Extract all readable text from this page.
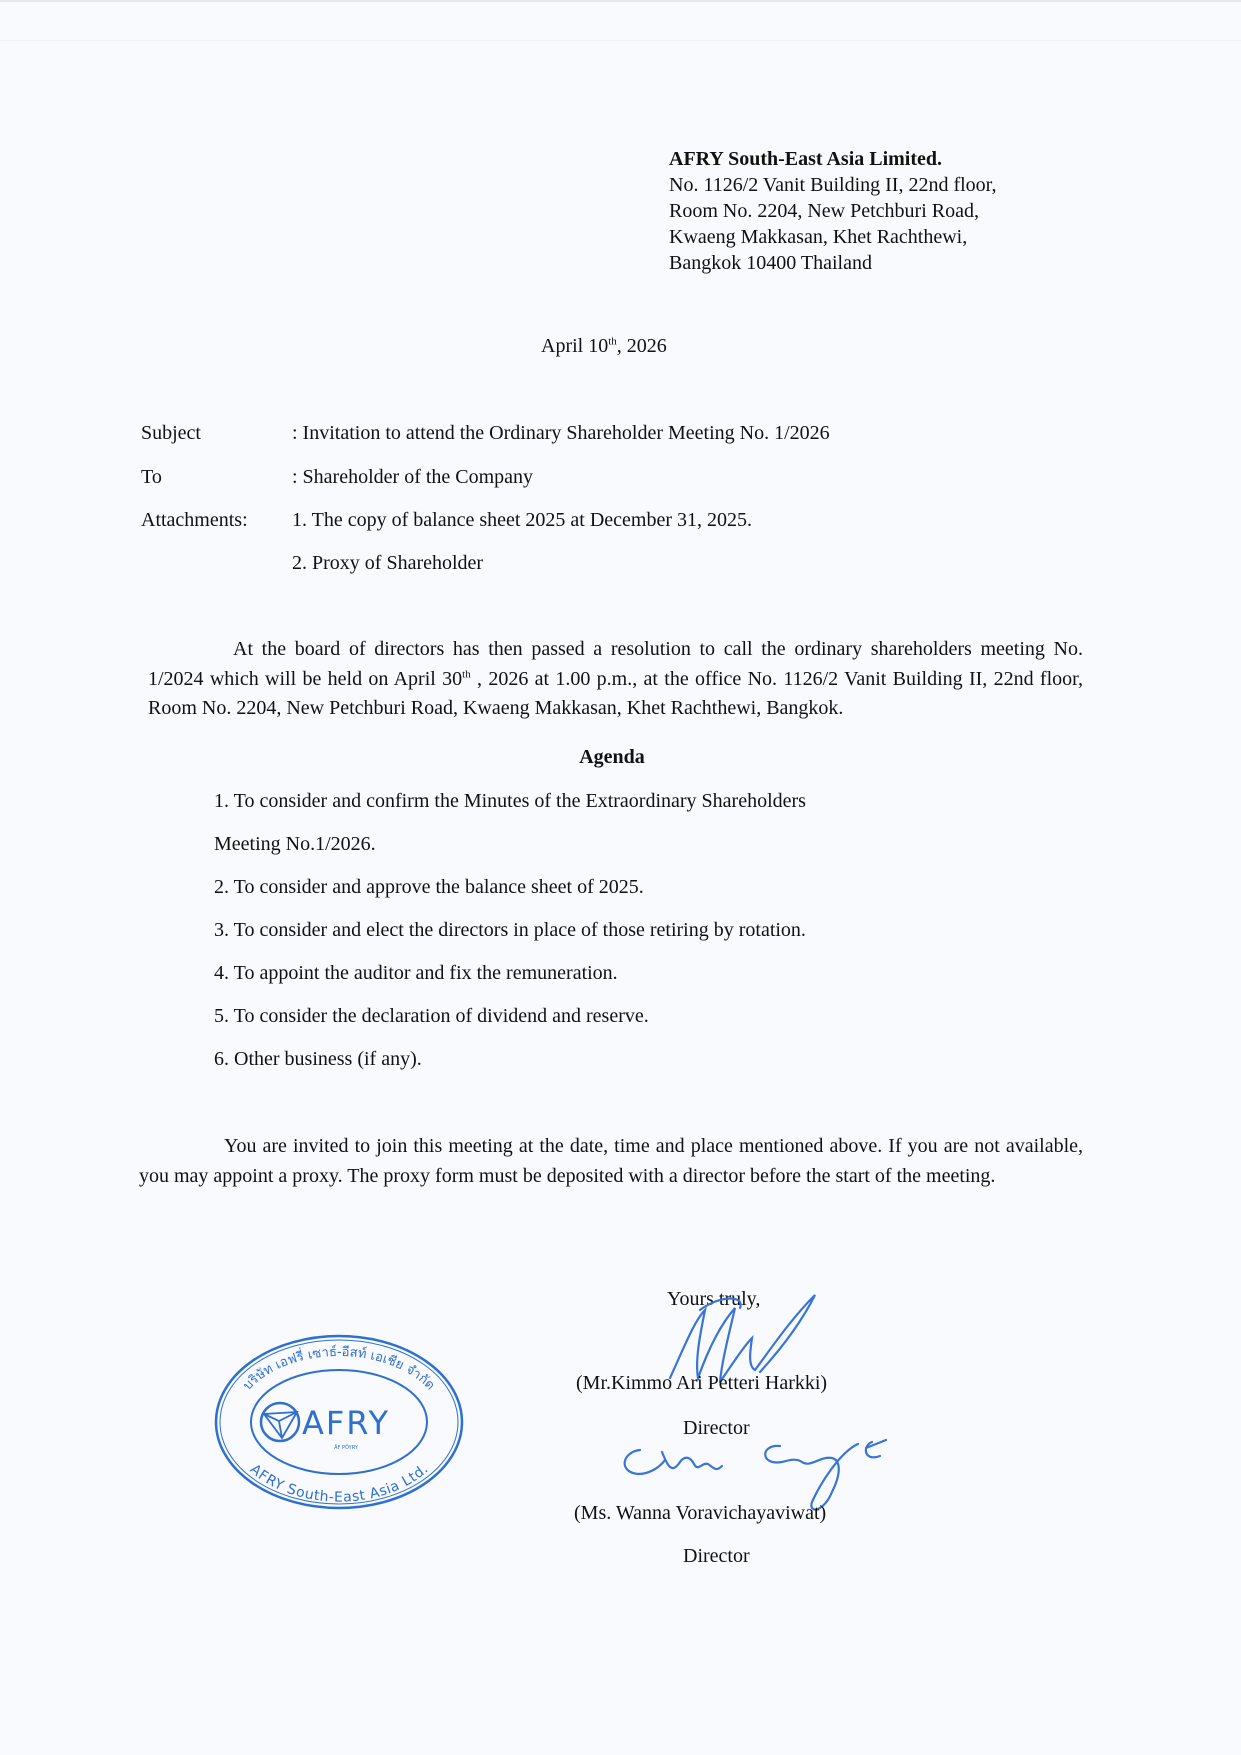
AFRY South-East Asia Limited.
No. 1126/2 Vanit Building II, 22nd floor,
Room No. 2204, New Petchburi Road,
Kwaeng Makkasan, Khet Rachthewi,
Bangkok 10400 Thailand
April 10th, 2026
Subject	: Invitation to attend the Ordinary Shareholder Meeting No. 1/2026
To	: Shareholder of the Company
Attachments: 1. The copy of balance sheet 2025 at December 31, 2025.
2. Proxy of Shareholder
At the board of directors has then passed a resolution to call the ordinary shareholders meeting No. 1/2024 which will be held on April 30th , 2026 at 1.00 p.m., at the office No. 1126/2 Vanit Building II, 22nd floor, Room No. 2204, New Petchburi Road, Kwaeng Makkasan, Khet Rachthewi, Bangkok.
Agenda
1. To consider and confirm the Minutes of the Extraordinary Shareholders
Meeting No.1/2026.
2. To consider and approve the balance sheet of 2025.
3. To consider and elect the directors in place of those retiring by rotation.
4. To appoint the auditor and fix the remuneration.
5. To consider the declaration of dividend and reserve.
6. Other business (if any).
You are invited to join this meeting at the date, time and place mentioned above. If you are not available, you may appoint a proxy. The proxy form must be deposited with a director before the start of the meeting.
บริษัท เอฟรี่ เซาธ์-อีสท์ เอเชีย จำกัด
AFRY South-East Asia Ltd.
AFRY
ÅF PÖYRY
Yours truly,
(Mr.Kimmo Ari Petteri Harkki)
Director
(Ms. Wanna Voravichayaviwat)
Director
